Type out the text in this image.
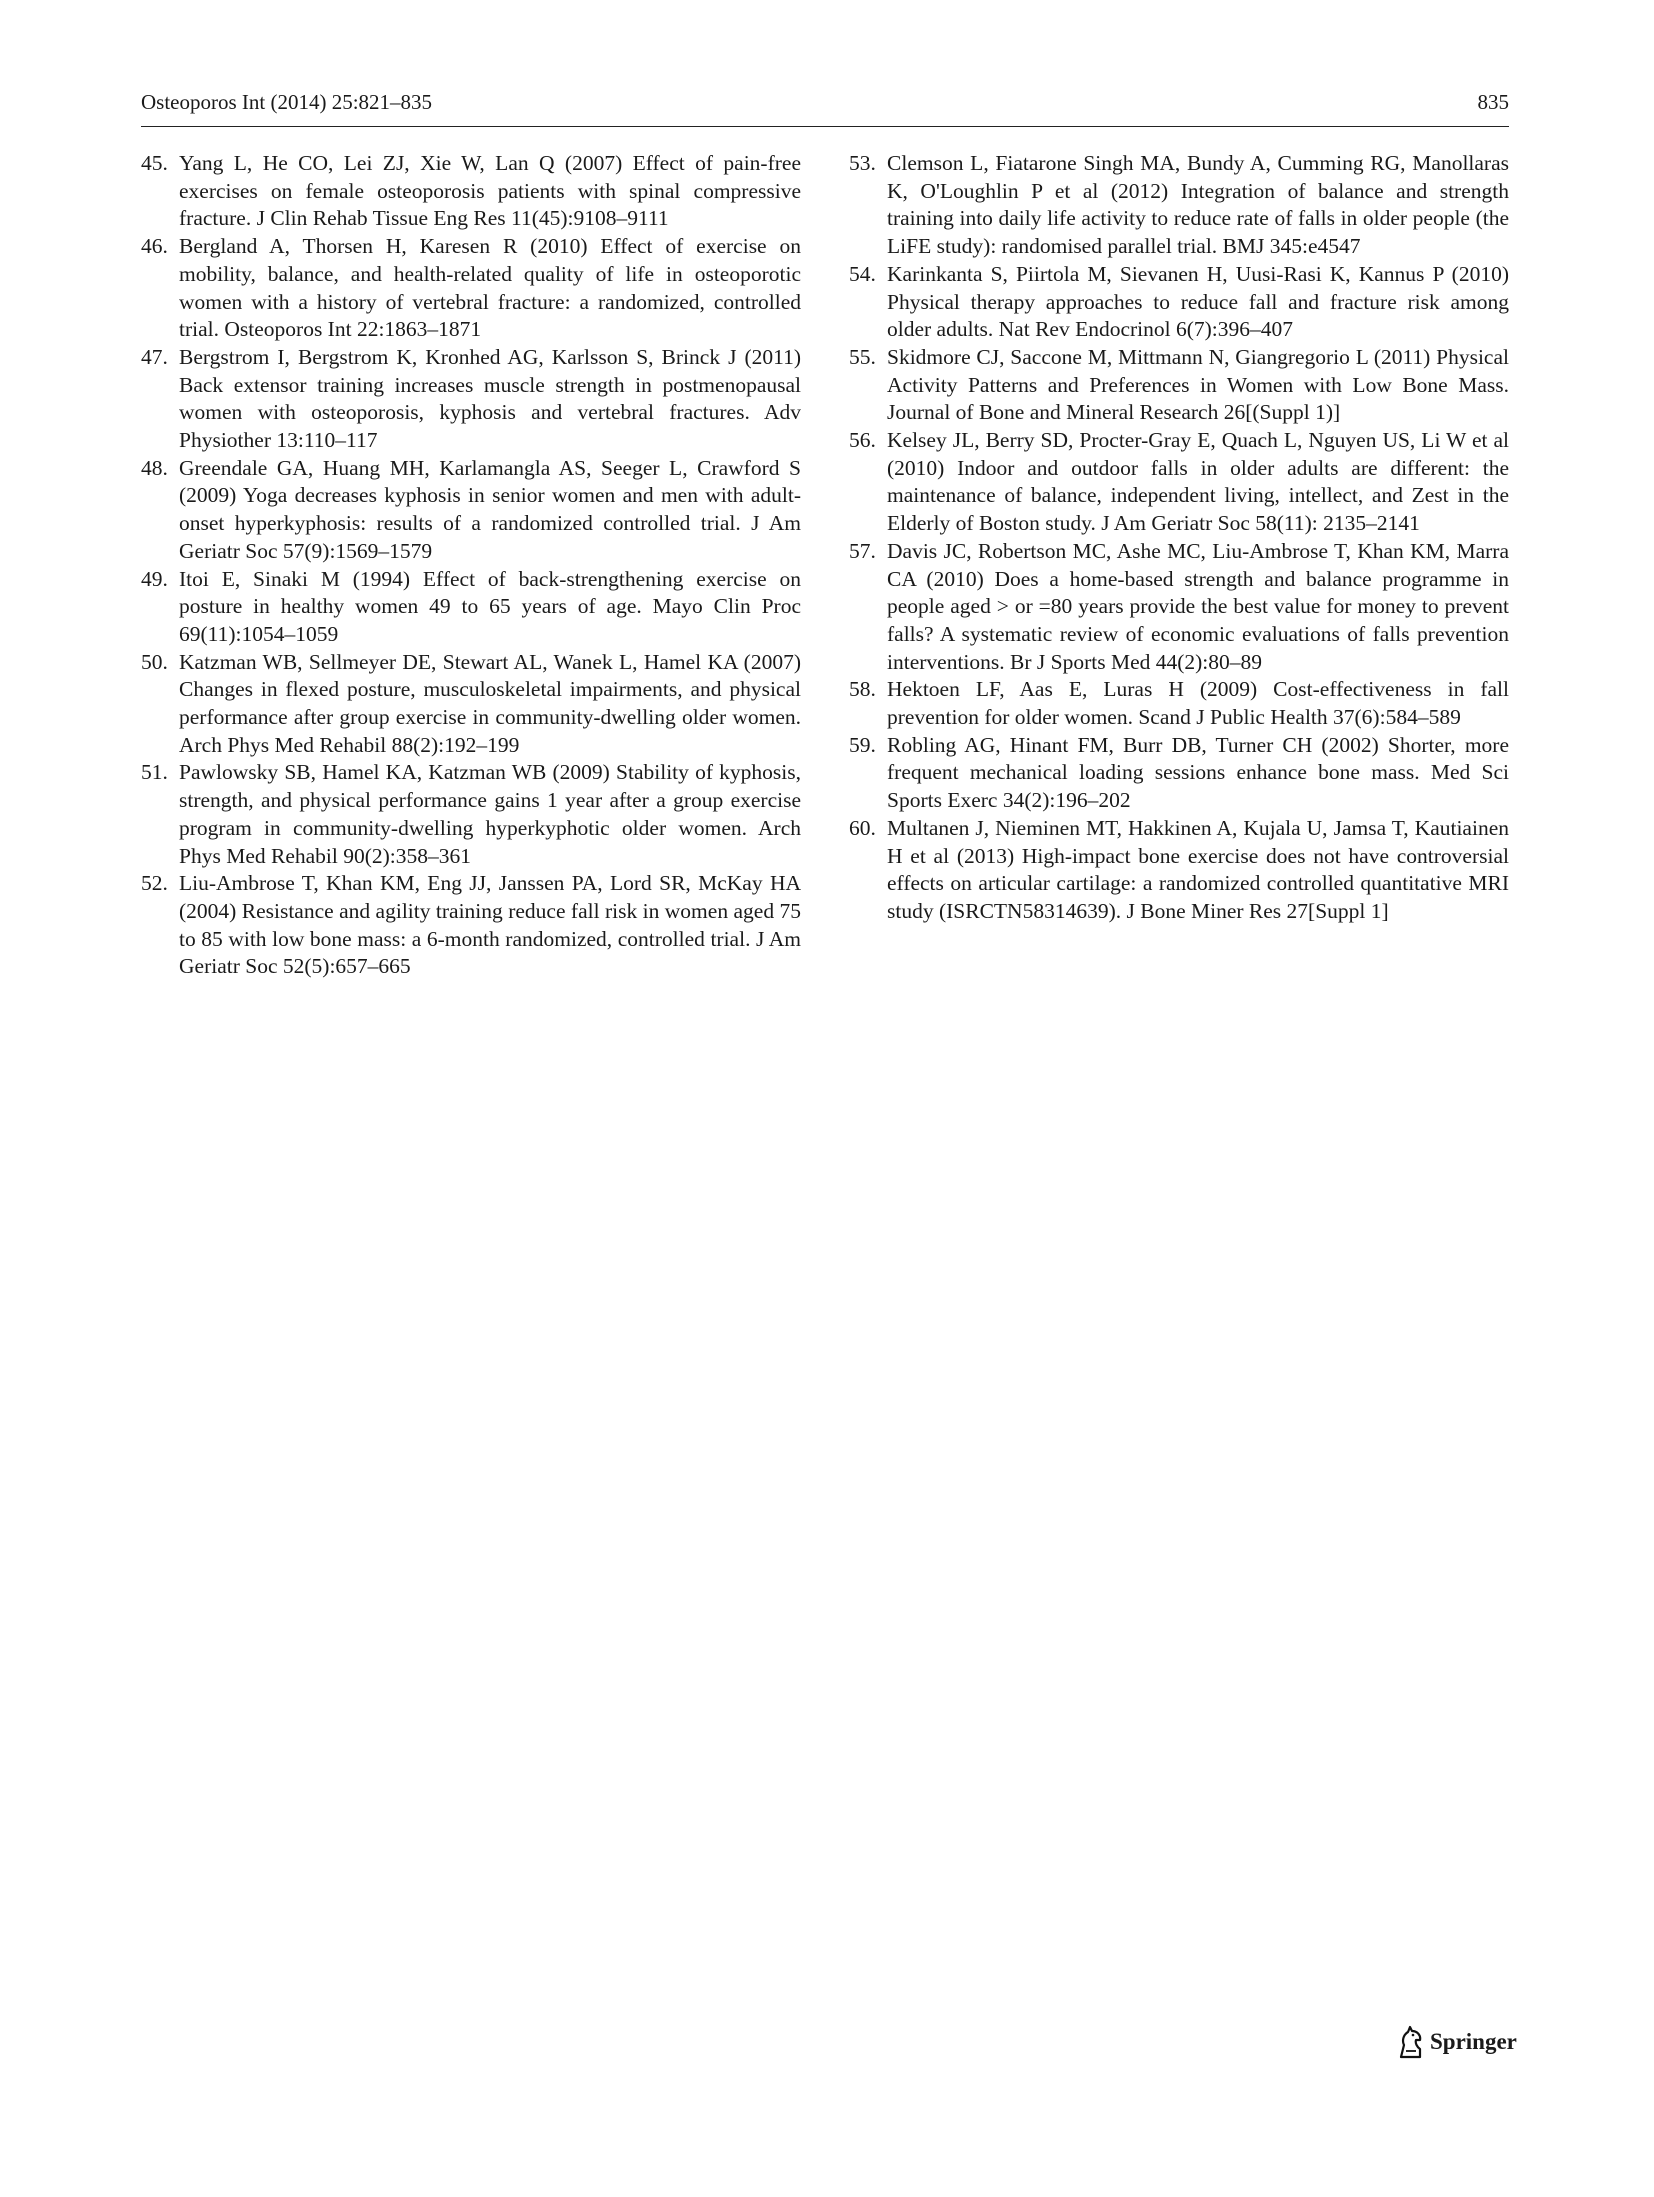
Osteoporos Int (2014) 25:821–835	835

45. Yang L, He CO, Lei ZJ, Xie W, Lan Q (2007) Effect of pain-free exercises on female osteoporosis patients with spinal compressive fracture. J Clin Rehab Tissue Eng Res 11(45):9108–9111

46. Bergland A, Thorsen H, Karesen R (2010) Effect of exercise on mobility, balance, and health-related quality of life in osteoporotic women with a history of vertebral fracture: a randomized, controlled trial. Osteoporos Int 22:1863–1871

47. Bergstrom I, Bergstrom K, Kronhed AG, Karlsson S, Brinck J (2011) Back extensor training increases muscle strength in postmenopausal women with osteoporosis, kyphosis and vertebral fractures. Adv Physiother 13:110–117

48. Greendale GA, Huang MH, Karlamangla AS, Seeger L, Crawford S (2009) Yoga decreases kyphosis in senior women and men with adult-onset hyperkyphosis: results of a randomized controlled trial. J Am Geriatr Soc 57(9):1569–1579

49. Itoi E, Sinaki M (1994) Effect of back-strengthening exercise on posture in healthy women 49 to 65 years of age. Mayo Clin Proc 69(11):1054–1059

50. Katzman WB, Sellmeyer DE, Stewart AL, Wanek L, Hamel KA (2007) Changes in flexed posture, musculoskeletal impairments, and physical performance after group exercise in community-dwelling older women. Arch Phys Med Rehabil 88(2):192–199

51. Pawlowsky SB, Hamel KA, Katzman WB (2009) Stability of kyphosis, strength, and physical performance gains 1 year after a group exercise program in community-dwelling hyperkyphotic older women. Arch Phys Med Rehabil 90(2):358–361

52. Liu-Ambrose T, Khan KM, Eng JJ, Janssen PA, Lord SR, McKay HA (2004) Resistance and agility training reduce fall risk in women aged 75 to 85 with low bone mass: a 6-month randomized, controlled trial. J Am Geriatr Soc 52(5):657–665

53. Clemson L, Fiatarone Singh MA, Bundy A, Cumming RG, Manollaras K, O'Loughlin P et al (2012) Integration of balance and strength training into daily life activity to reduce rate of falls in older people (the LiFE study): randomised parallel trial. BMJ 345:e4547

54. Karinkanta S, Piirtola M, Sievanen H, Uusi-Rasi K, Kannus P (2010) Physical therapy approaches to reduce fall and fracture risk among older adults. Nat Rev Endocrinol 6(7):396–407

55. Skidmore CJ, Saccone M, Mittmann N, Giangregorio L (2011) Physical Activity Patterns and Preferences in Women with Low Bone Mass. Journal of Bone and Mineral Research 26[(Suppl 1)]

56. Kelsey JL, Berry SD, Procter-Gray E, Quach L, Nguyen US, Li W et al (2010) Indoor and outdoor falls in older adults are different: the maintenance of balance, independent living, intellect, and Zest in the Elderly of Boston study. J Am Geriatr Soc 58(11): 2135–2141

57. Davis JC, Robertson MC, Ashe MC, Liu-Ambrose T, Khan KM, Marra CA (2010) Does a home-based strength and balance programme in people aged > or =80 years provide the best value for money to prevent falls? A systematic review of economic evaluations of falls prevention interventions. Br J Sports Med 44(2):80–89

58. Hektoen LF, Aas E, Luras H (2009) Cost-effectiveness in fall prevention for older women. Scand J Public Health 37(6):584–589

59. Robling AG, Hinant FM, Burr DB, Turner CH (2002) Shorter, more frequent mechanical loading sessions enhance bone mass. Med Sci Sports Exerc 34(2):196–202

60. Multanen J, Nieminen MT, Hakkinen A, Kujala U, Jamsa T, Kautiainen H et al (2013) High-impact bone exercise does not have controversial effects on articular cartilage: a randomized controlled quantitative MRI study (ISRCTN58314639). J Bone Miner Res 27[Suppl 1]

Springer
